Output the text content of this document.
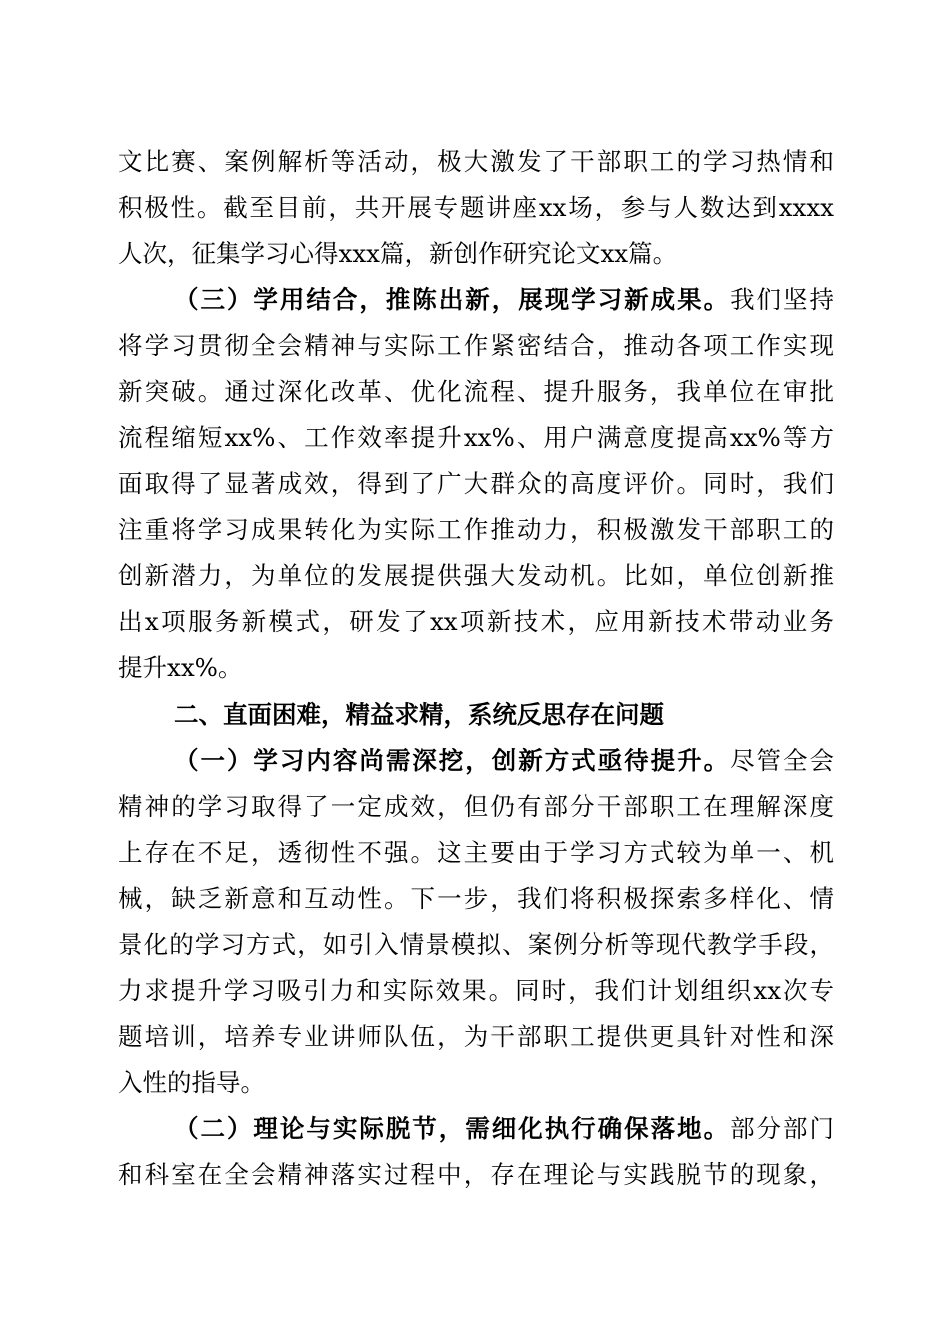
文比赛、案例解析等活动，极大激发了干部职工的学习热情和
积极性。截至目前，共开展专题讲座xx场，参与人数达到xxxx
人次，征集学习心得xxx篇，新创作研究论文xx篇。
（三）学用结合，推陈出新，展现学习新成果。我们坚持
将学习贯彻全会精神与实际工作紧密结合，推动各项工作实现
新突破。通过深化改革、优化流程、提升服务，我单位在审批
流程缩短xx%、工作效率提升xx%、用户满意度提高xx%等方
面取得了显著成效，得到了广大群众的高度评价。同时，我们
注重将学习成果转化为实际工作推动力，积极激发干部职工的
创新潜力，为单位的发展提供强大发动机。比如，单位创新推
出x项服务新模式，研发了xx项新技术，应用新技术带动业务
提升xx%。
二、直面困难，精益求精，系统反思存在问题
（一）学习内容尚需深挖，创新方式亟待提升。尽管全会
精神的学习取得了一定成效，但仍有部分干部职工在理解深度
上存在不足，透彻性不强。这主要由于学习方式较为单一、机
械，缺乏新意和互动性。下一步，我们将积极探索多样化、情
景化的学习方式，如引入情景模拟、案例分析等现代教学手段，
力求提升学习吸引力和实际效果。同时，我们计划组织xx次专
题培训，培养专业讲师队伍，为干部职工提供更具针对性和深
入性的指导。
（二）理论与实际脱节，需细化执行确保落地。部分部门
和科室在全会精神落实过程中，存在理论与实践脱节的现象，
